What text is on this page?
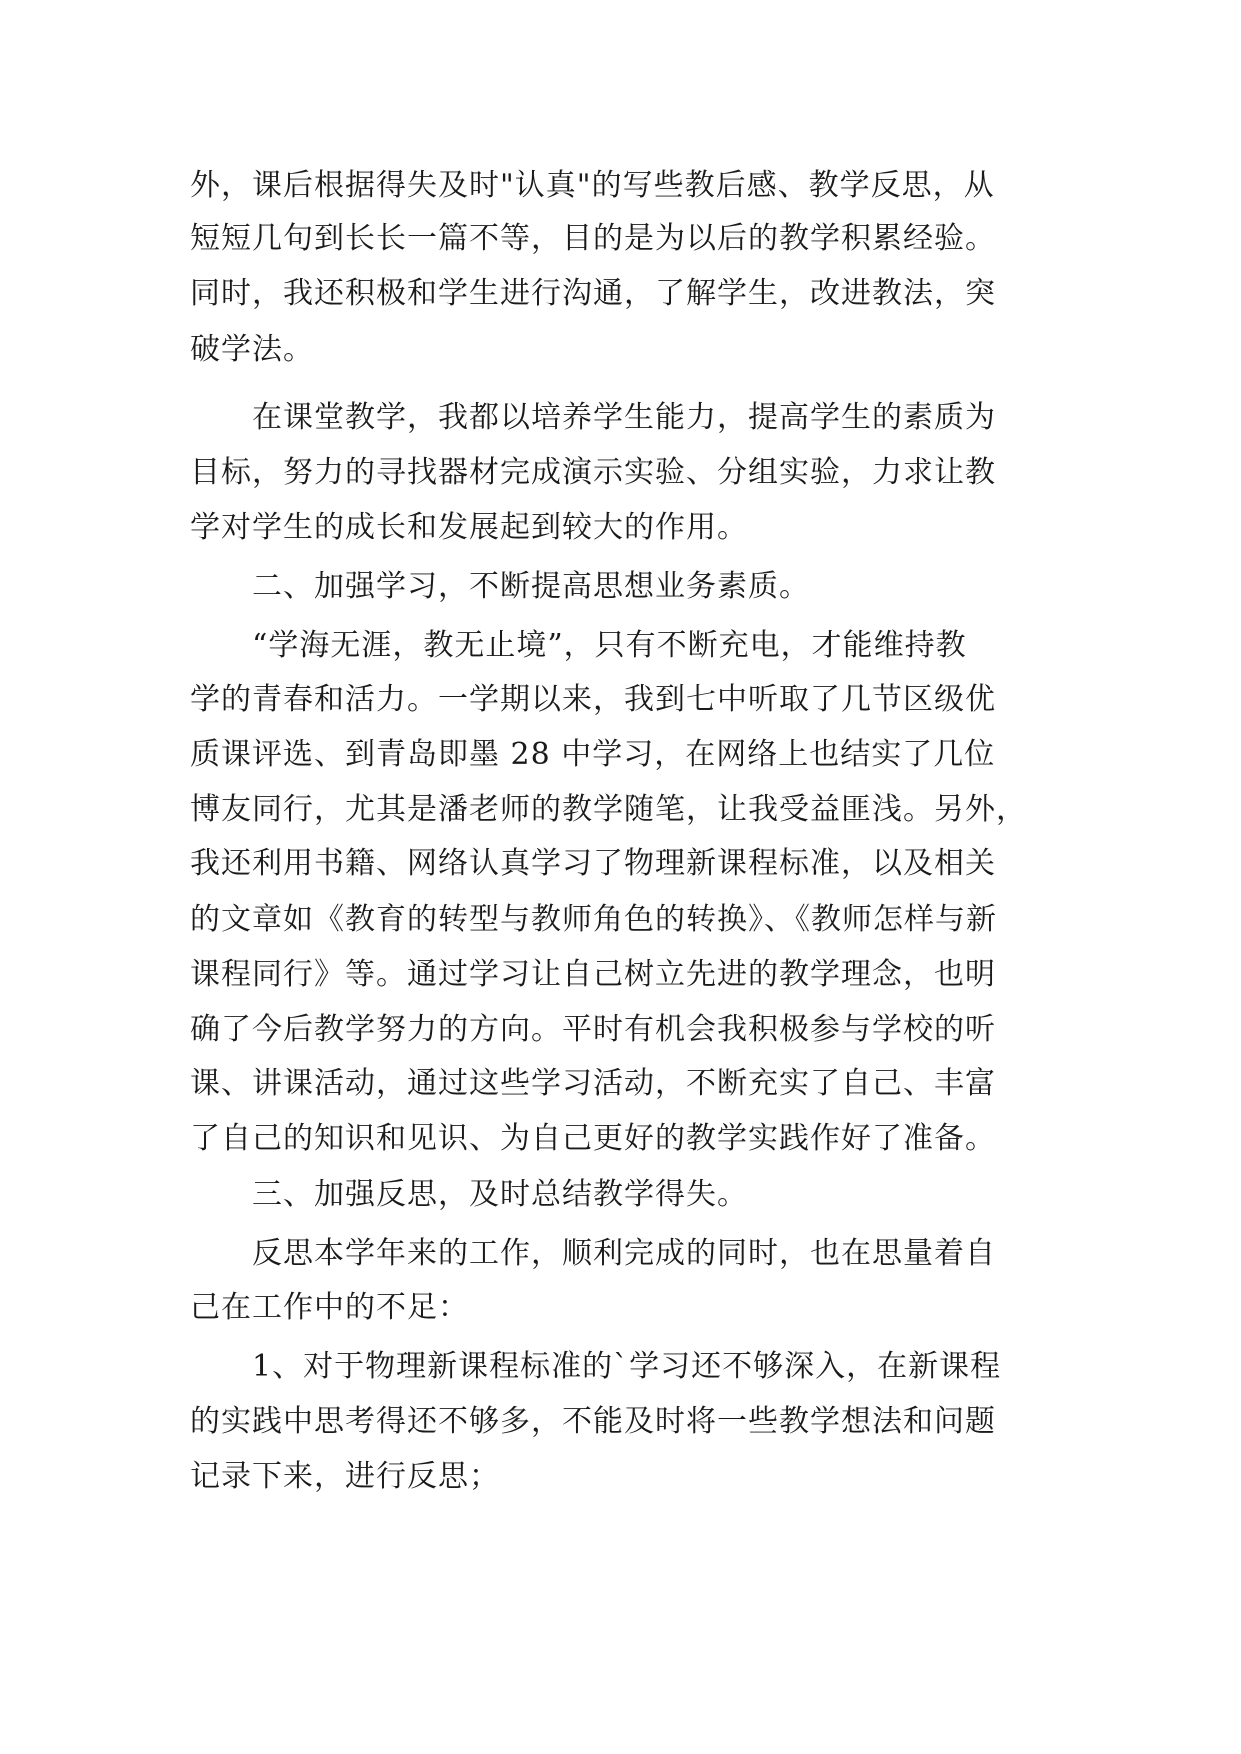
外，课后根据得失及时"认真"的写些教后感、教学反思，从
短短几句到长长一篇不等，目的是为以后的教学积累经验。
同时，我还积极和学生进行沟通，了解学生，改进教法，突
破学法。
在课堂教学，我都以培养学生能力，提高学生的素质为
目标，努力的寻找器材完成演示实验、分组实验，力求让教
学对学生的成长和发展起到较大的作用。
二、加强学习，不断提高思想业务素质。
“学海无涯，教无止境”，只有不断充电，才能维持教
学的青春和活力。一学期以来，我到七中听取了几节区级优
质课评选、到青岛即墨 28 中学习，在网络上也结实了几位
博友同行，尤其是潘老师的教学随笔，让我受益匪浅。另外，
我还利用书籍、网络认真学习了物理新课程标准，以及相关
的文章如《教育的转型与教师角色的转换》、《教师怎样与新
课程同行》等。通过学习让自己树立先进的教学理念，也明
确了今后教学努力的方向。平时有机会我积极参与学校的听
课、讲课活动，通过这些学习活动，不断充实了自己、丰富
了自己的知识和见识、为自己更好的教学实践作好了准备。
三、加强反思，及时总结教学得失。
反思本学年来的工作，顺利完成的同时，也在思量着自
己在工作中的不足：
1、对于物理新课程标准的`学习还不够深入，在新课程
的实践中思考得还不够多，不能及时将一些教学想法和问题
记录下来，进行反思；
